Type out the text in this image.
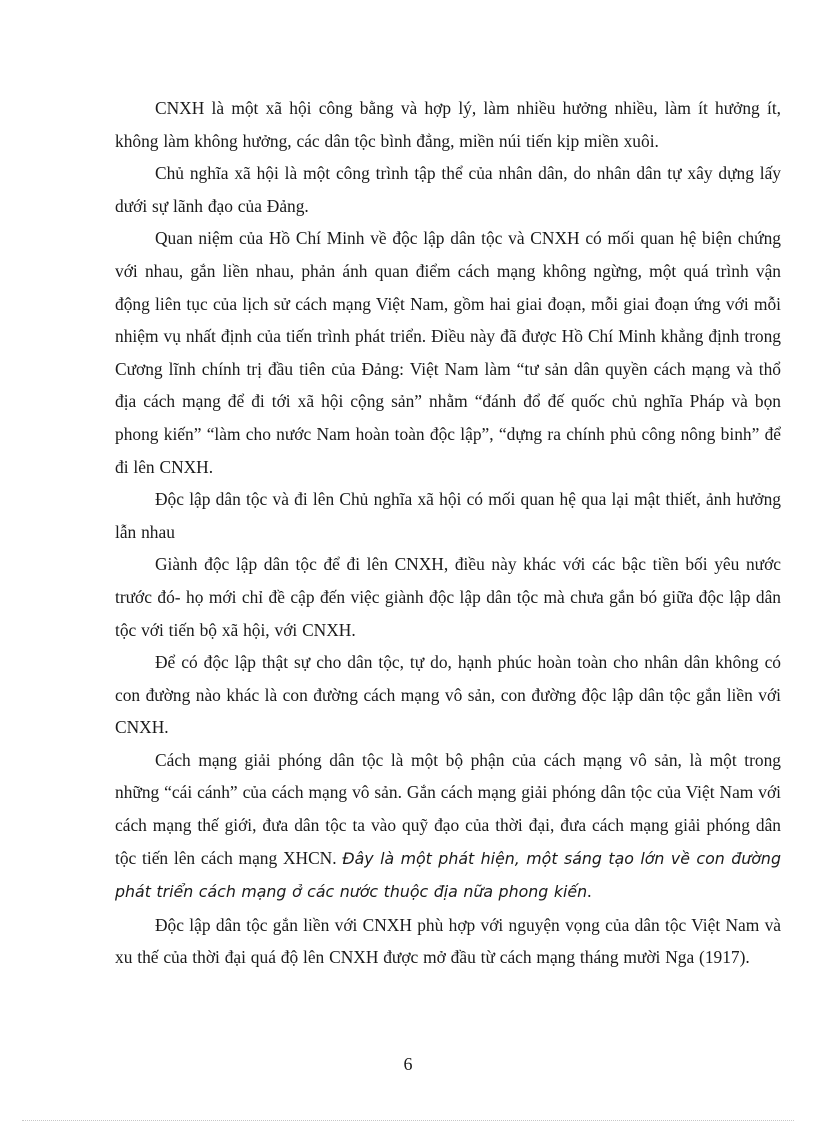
CNXH là một xã hội công bằng và hợp lý, làm nhiều hưởng nhiều, làm ít hưởng ít, không làm không hưởng, các dân tộc bình đẳng, miền núi tiến kịp miền xuôi.

Chủ nghĩa xã hội là một công trình tập thể của nhân dân, do nhân dân tự xây dựng lấy dưới sự lãnh đạo của Đảng.

Quan niệm của Hồ Chí Minh về độc lập dân tộc và CNXH có mối quan hệ biện chứng với nhau, gắn liền nhau, phản ánh quan điểm cách mạng không ngừng, một quá trình vận động liên tục của lịch sử cách mạng Việt Nam, gồm hai giai đoạn, mỗi giai đoạn ứng với mỗi nhiệm vụ nhất định của tiến trình phát triển. Điều này đã được Hồ Chí Minh khẳng định trong Cương lĩnh chính trị đầu tiên của Đảng: Việt Nam làm “tư sản dân quyền cách mạng và thổ địa cách mạng để đi tới xã hội cộng sản” nhằm “đánh đổ đế quốc chủ nghĩa Pháp và bọn phong kiến” “làm cho nước Nam hoàn toàn độc lập”, “dựng ra chính phủ công nông binh” để đi lên CNXH.

Độc lập dân tộc và đi lên Chủ nghĩa xã hội có mối quan hệ qua lại mật thiết, ảnh hưởng lẫn nhau

Giành độc lập dân tộc để đi lên CNXH, điều này khác với các bậc tiền bối yêu nước trước đó- họ mới chỉ đề cập đến việc giành độc lập dân tộc mà chưa gắn bó giữa độc lập dân tộc với tiến bộ xã hội, với CNXH.

Để có độc lập thật sự cho dân tộc, tự do, hạnh phúc hoàn toàn cho nhân dân không có con đường nào khác là con đường cách mạng vô sản, con đường độc lập dân tộc gắn liền với CNXH.

Cách mạng giải phóng dân tộc là một bộ phận của cách mạng vô sản, là một trong những “cái cánh” của cách mạng vô sản. Gắn cách mạng giải phóng dân tộc của Việt Nam với cách mạng thế giới, đưa dân tộc ta vào quỹ đạo của thời đại, đưa cách mạng giải phóng dân tộc tiến lên cách mạng XHCN. Đây là một phát hiện, một sáng tạo lớn về con đường phát triển cách mạng ở các nước thuộc địa nữa phong kiến.

Độc lập dân tộc gắn liền với CNXH phù hợp với nguyện vọng của dân tộc Việt Nam và xu thế của thời đại quá độ lên CNXH được mở đầu từ cách mạng tháng mười Nga (1917).

6
